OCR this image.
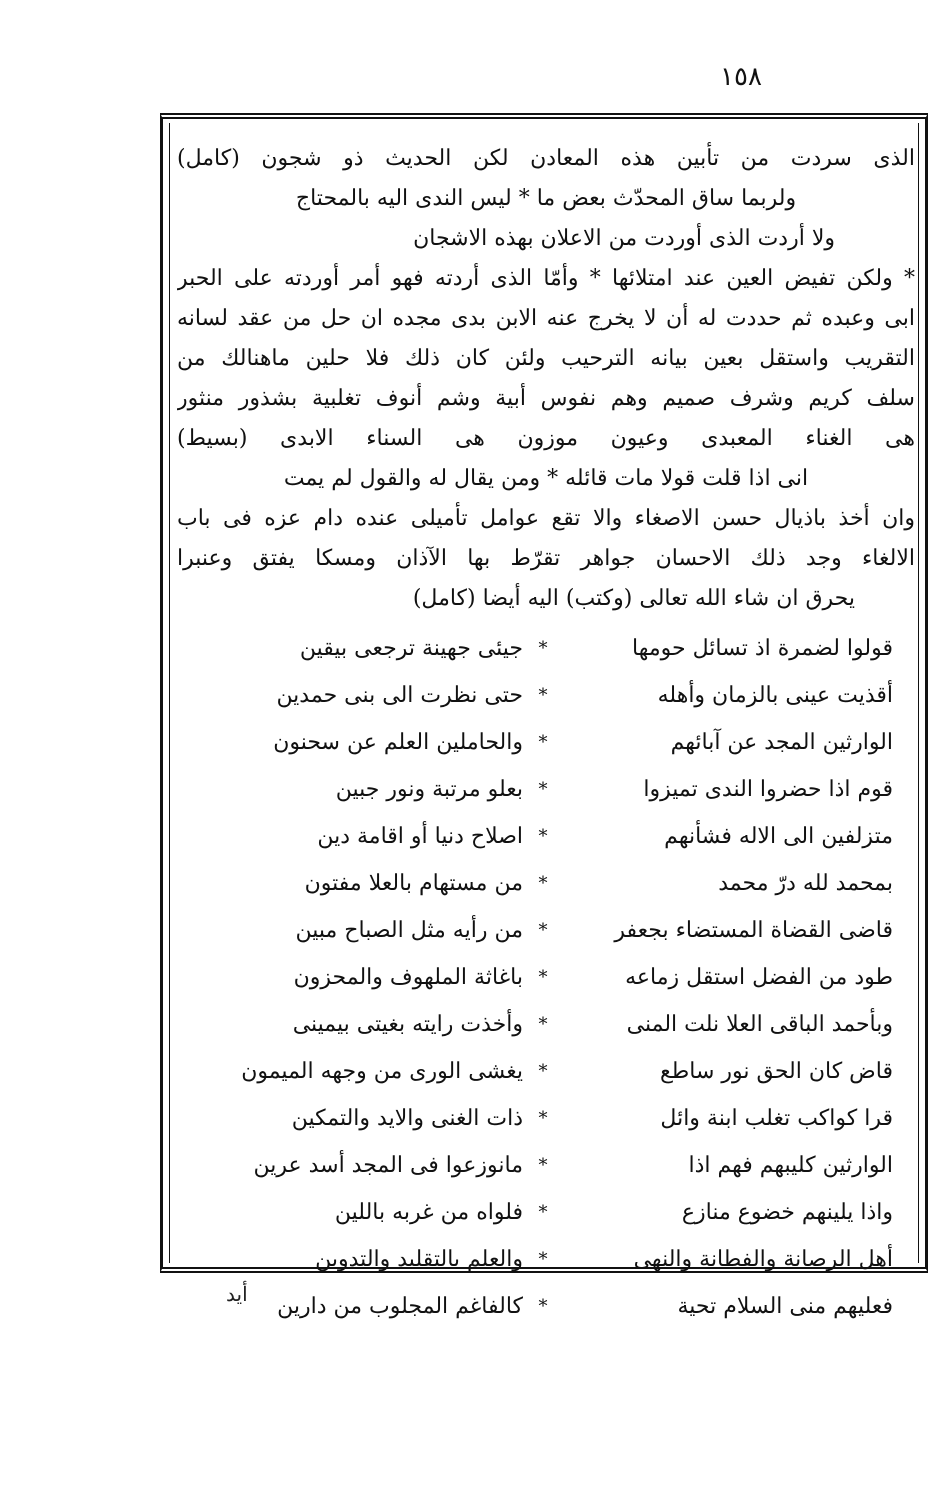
١٥٨
الذى سردت من تأبين هذه المعادن لكن الحديث ذو شجون (كامل)
ولربما ساق المحدّث بعض ما * ليس الندى اليه بالمحتاج
ولا أردت الذى أوردت من الاعلان بهذه الاشجان
* ولكن تفيض العين عند امتلائها * وأمّا الذى أردته فهو أمر أوردته على الحبر
ابى وعبده ثم حددت له أن لا يخرج عنه الابن بدى مجده ان حل من عقد لسانه
التقريب واستقل بعين بيانه الترحيب ولئن كان ذلك فلا حلين ماهنالك من
سلف كريم وشرف صميم وهم نفوس أبية وشم أنوف تغلبية بشذور منثور
هى الغناء المعبدى وعيون موزون هى السناء الابدى (بسيط)
انى اذا قلت قولا مات قائله * ومن يقال له والقول لم يمت
وان أخذ باذيال حسن الاصغاء والا تقع عوامل تأميلى عنده دام عزه فى باب
الالغاء وجد ذلك الاحسان جواهر تقرّط بها الآذان ومسكا يفتق وعنبرا
يحرق ان شاء الله تعالى (وكتب) اليه أيضا (كامل)
قولوا لضمرة اذ تسائل حومها
*
جيئى جهينة ترجعى بيقين
أقذيت عينى بالزمان وأهله
*
حتى نظرت الى بنى حمدين
الوارثين المجد عن آبائهم
*
والحاملين العلم عن سحنون
قوم اذا حضروا الندى تميزوا
*
بعلو مرتبة ونور جبين
متزلفين الى الاله فشأنهم
*
اصلاح دنيا أو اقامة دين
بمحمد لله درّ محمد
*
من مستهام بالعلا مفتون
قاضى القضاة المستضاء بجعفر
*
من رأيه مثل الصباح مبين
طود من الفضل استقل زماعه
*
باغاثة الملهوف والمحزون
وبأحمد الباقى العلا نلت المنى
*
وأخذت رايته بغيتى بيمينى
قاض كان الحق نور ساطع
*
يغشى الورى من وجهه الميمون
قرا كواكب تغلب ابنة وائل
*
ذات الغنى والايد والتمكين
الوارثين كليبهم فهم اذا
*
مانوزعوا فى المجد أسد عرين
واذا يلينهم خضوع منازع
*
فلواه من غربه باللين
أهل الرصانة والفطانة والنهى
*
والعلم بالتقليد والتدوين
فعليهم منى السلام تحية
*
كالفاغم المجلوب من دارين
أيد
